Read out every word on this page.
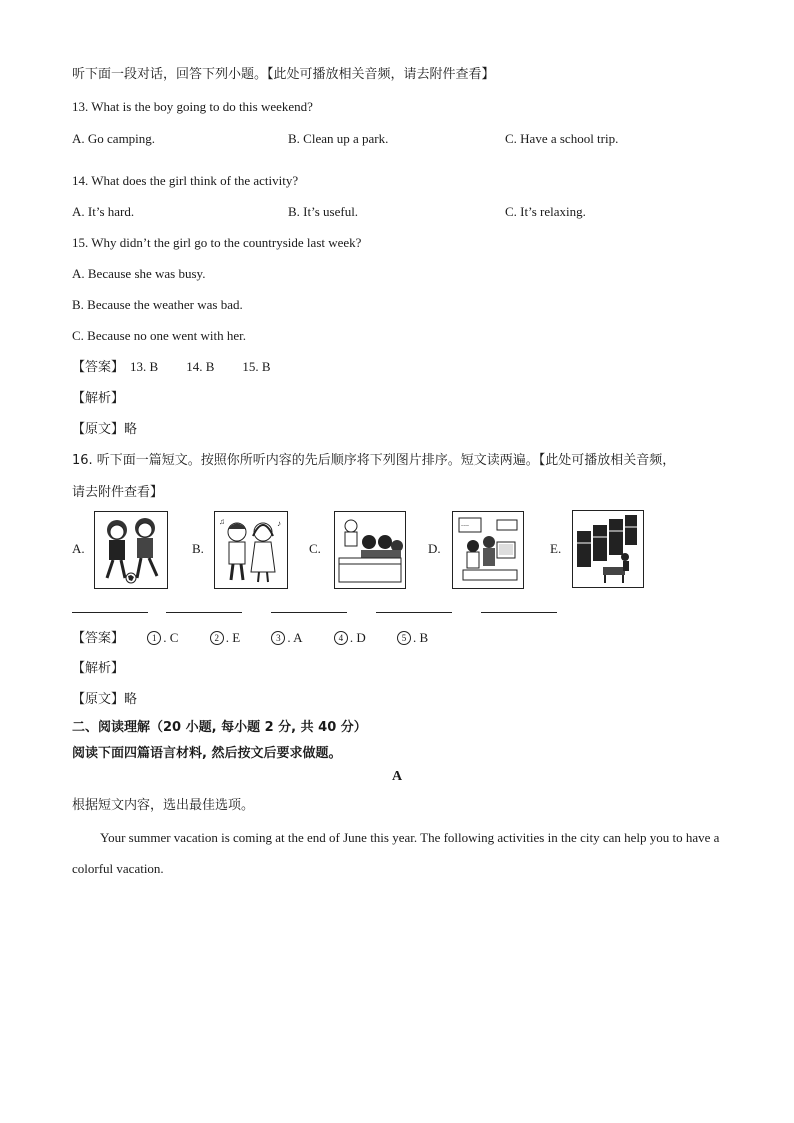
听下面一段对话，回答下列小题。【此处可播放相关音频，请去附件查看】
13. What is the boy going to do this weekend?
A. Go camping.	B. Clean up a park.	C. Have a school trip.
14. What does the girl think of the activity?
A. It’s hard.	B. It’s useful.	C. It’s relaxing.
15. Why didn’t the girl go to the countryside last week?
A. Because she was busy.
B. Because the weather was bad.
C. Because no one went with her.
【答案】 13. B 14. B 15. B
【解析】
【原文】略
16. 听下面一篇短文。按照你所听内容的先后顺序将下列图片排序。短文读两遍。【此处可播放相关音频，
请去附件查看】
A.	B.	C.	D.	E.
♪
♫
~~~
【答案】	1 . C	2 . E	3 . A	4 . D	5 . B
【解析】
【原文】略
二、阅读理解（20 小题, 每小题 2 分, 共 40 分）
阅读下面四篇语言材料, 然后按文后要求做题。
A
根据短文内容，选出最佳选项。
Your summer vacation is coming at the end of June this year. The following activities in the city can help you to have a colorful vacation.
